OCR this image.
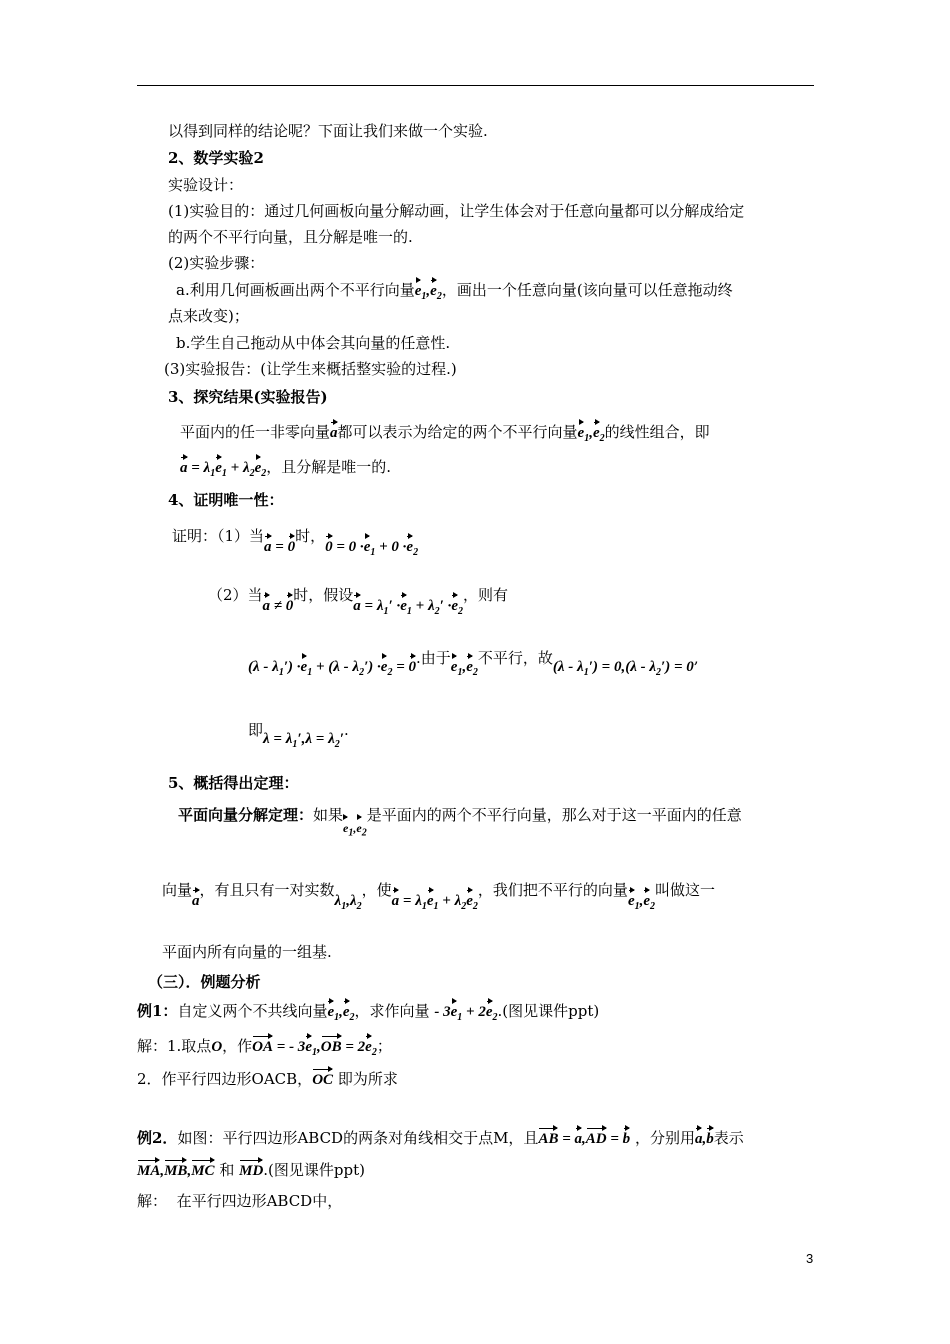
以得到同样的结论呢？下面让我们来做一个实验.
2、数学实验2
实验设计：
(1)实验目的：通过几何画板向量分解动画，让学生体会对于任意向量都可以分解成给定
的两个不平行向量，且分解是唯一的.
(2)实验步骤：
a.利用几何画板画出两个不平行向量$e_1,e_2$，画出一个任意向量(该向量可以任意拖动终
点来改变)；
b.学生自己拖动从中体会其向量的任意性.
(3)实验报告：(让学生来概括整实验的过程.)
3、探究结果(实验报告)
平面内的任一非零向量a都可以表示为给定的两个不平行向量$e_1,e_2$的线性组合，即
$a = \lambda_1e_1 + \lambda_2e_2$，且分解是唯一的.
4、证明唯一性：
证明：（1）当a = 0时，$0 = 0 \cdot e_1 + 0 \cdot e_2$
（2）当a ≠ 0时，假设$a = \lambda_1' \cdot e_1 + \lambda_2' \cdot e_2$，则有
$(\lambda - \lambda_1') \cdot e_1 + (\lambda - \lambda_2') \cdot e_2 = 0$.由于$e_1,e_2$不平行，故$(\lambda - \lambda_1') = 0,(\lambda - \lambda_2') = 0$,
即$\lambda = \lambda_1',\lambda = \lambda_2'$.
5、概括得出定理：
平面向量分解定理：如果$_{e_1,e_2}$是平面内的两个不平行向量，那么对于这一平面内的任意
向量a，有且只有一对实数$\lambda_1,\lambda_2$，使$a = \lambda_1e_1 + \lambda_2e_2$，我们把不平行的向量$e_1,e_2$叫做这一
平面内所有向量的一组基.
（三）．例题分析
例1：自定义两个不共线向量$e_1,e_2$，求作向量 - $3e_1 + 2e_2$.(图见课件ppt)
解：1.取点O，作OA = - $3e_1,OB = 2e_2$；
2．作平行四边形OACB，OC 即为所求
例2．如图：平行四边形ABCD的两条对角线相交于点M，且AB = a,AD = b ，分别用a,b表示
MA,MB,MC 和 MD.(图见课件ppt)
解： 在平行四边形ABCD中，
3
